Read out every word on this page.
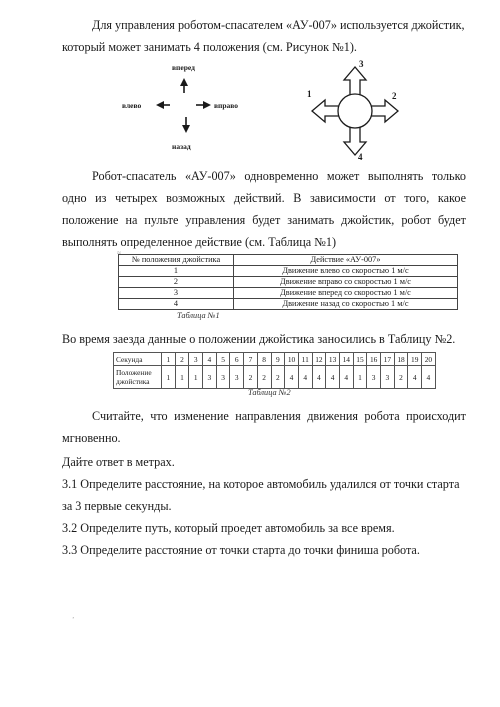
Для управления роботом-спасателем «АУ-007» используется джойстик,
который может занимать 4 положения (см. Рисунок №1).
вперед
назад
влево	вправо
3
1	2
4
Робот-спасатель «АУ-007» одновременно может выполнять только одно из четырех возможных действий. В зависимости от того, какое положение на пульте управления будет занимать джойстик, робот будет выполнять определенное действие (см. Таблица №1)
≈
№ положения джойстика	Действие «АУ-007»
1	Движение влево со скоростью 1 м/с
2	Движение вправо со скоростью 1 м/с
3	Движение вперед со скоростью 1 м/с
4	Движение назад со скоростью 1 м/с
Таблица №1
Во время заезда данные о положении джойстика заносились в Таблицу №2.
Секунда	1	2	3	4	5	6	7	8	9	10	11	12	13	14	15	16	17	18	19	20
Положение джойстика	1	1	1	3	3	3	2	2	2	4	4	4	4	4	1	3	3	2	4	4
Таблица №2
Считайте, что изменение направления движения робота происходит мгновенно.
Дайте ответ в метрах.
3.1 Определите расстояние, на которое автомобиль удалился от точки старта за 3 первые секунды.
3.2 Определите путь, который проедет автомобиль за все время.
3.3 Определите расстояние от точки старта до точки финиша робота.
‚
